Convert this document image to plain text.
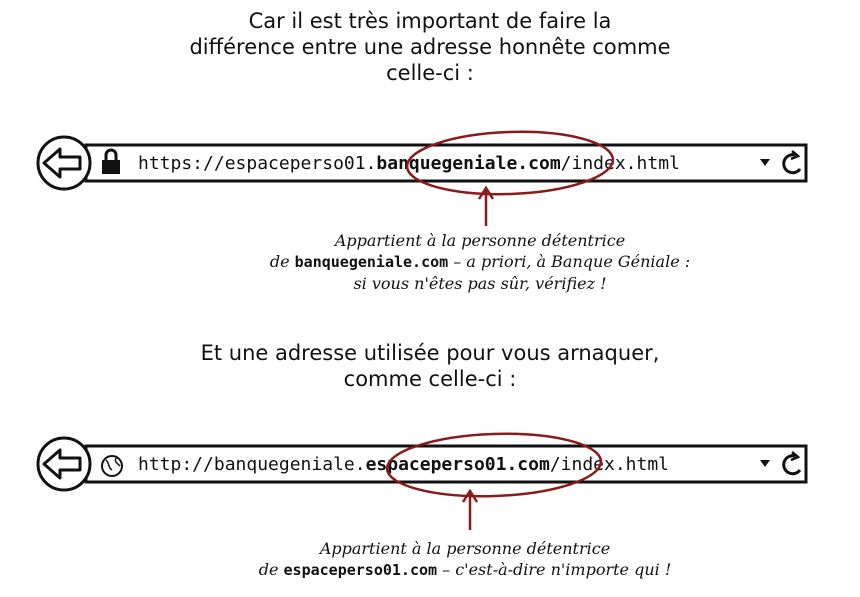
Car il est très important de faire la
différence entre une adresse honnête comme
celle-ci :
https://espaceperso01.banquegeniale.com/index.html
Appartient à la personne détentrice
de banquegeniale.com – a priori, à Banque Géniale :
si vous n'êtes pas sûr, vérifiez !
Et une adresse utilisée pour vous arnaquer,
comme celle-ci :
http://banquegeniale.espaceperso01.com/index.html
Appartient à la personne détentrice
de espaceperso01.com – c'est-à-dire n'importe qui !
